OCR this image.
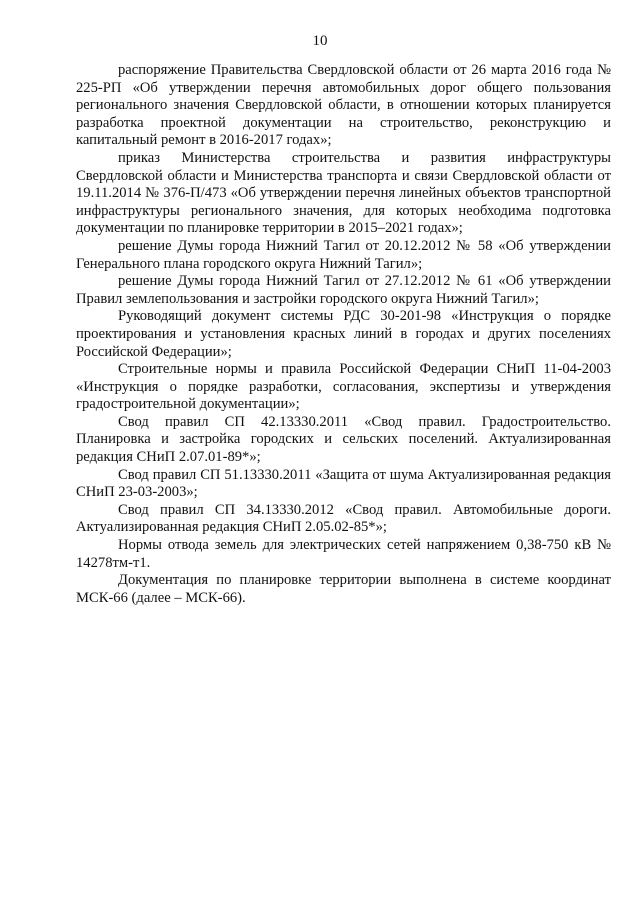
10

распоряжение Правительства Свердловской области от 26 марта 2016 года № 225-РП «Об утверждении перечня автомобильных дорог общего пользования регионального значения Свердловской области, в отношении которых планируется разработка проектной документации на строительство, реконструкцию и капитальный ремонт в 2016-2017 годах»;

приказ Министерства строительства и развития инфраструктуры Свердловской области и Министерства транспорта и связи Свердловской области от 19.11.2014 № 376-П/473 «Об утверждении перечня линейных объектов транспортной инфраструктуры регионального значения, для которых необходима подготовка документации по планировке территории в 2015–2021 годах»;

решение Думы города Нижний Тагил от 20.12.2012 № 58 «Об утверждении Генерального плана городского округа Нижний Тагил»;

решение Думы города Нижний Тагил от 27.12.2012 № 61 «Об утверждении Правил землепользования и застройки городского округа Нижний Тагил»;

Руководящий документ системы РДС 30-201-98 «Инструкция о порядке проектирования и установления красных линий в городах и других поселениях Российской Федерации»;

Строительные нормы и правила Российской Федерации СНиП 11-04-2003 «Инструкция о порядке разработки, согласования, экспертизы и утверждения градостроительной документации»;

Свод правил СП 42.13330.2011 «Свод правил. Градостроительство. Планировка и застройка городских и сельских поселений. Актуализированная редакция СНиП 2.07.01-89*»;

Свод правил СП 51.13330.2011 «Защита от шума Актуализированная редакция СНиП 23-03-2003»;

Свод правил СП 34.13330.2012 «Свод правил. Автомобильные дороги. Актуализированная редакция СНиП 2.05.02-85*»;

Нормы отвода земель для электрических сетей напряжением 0,38-750 кВ № 14278тм-т1.

Документация по планировке территории выполнена в системе координат МСК-66 (далее – МСК-66).
